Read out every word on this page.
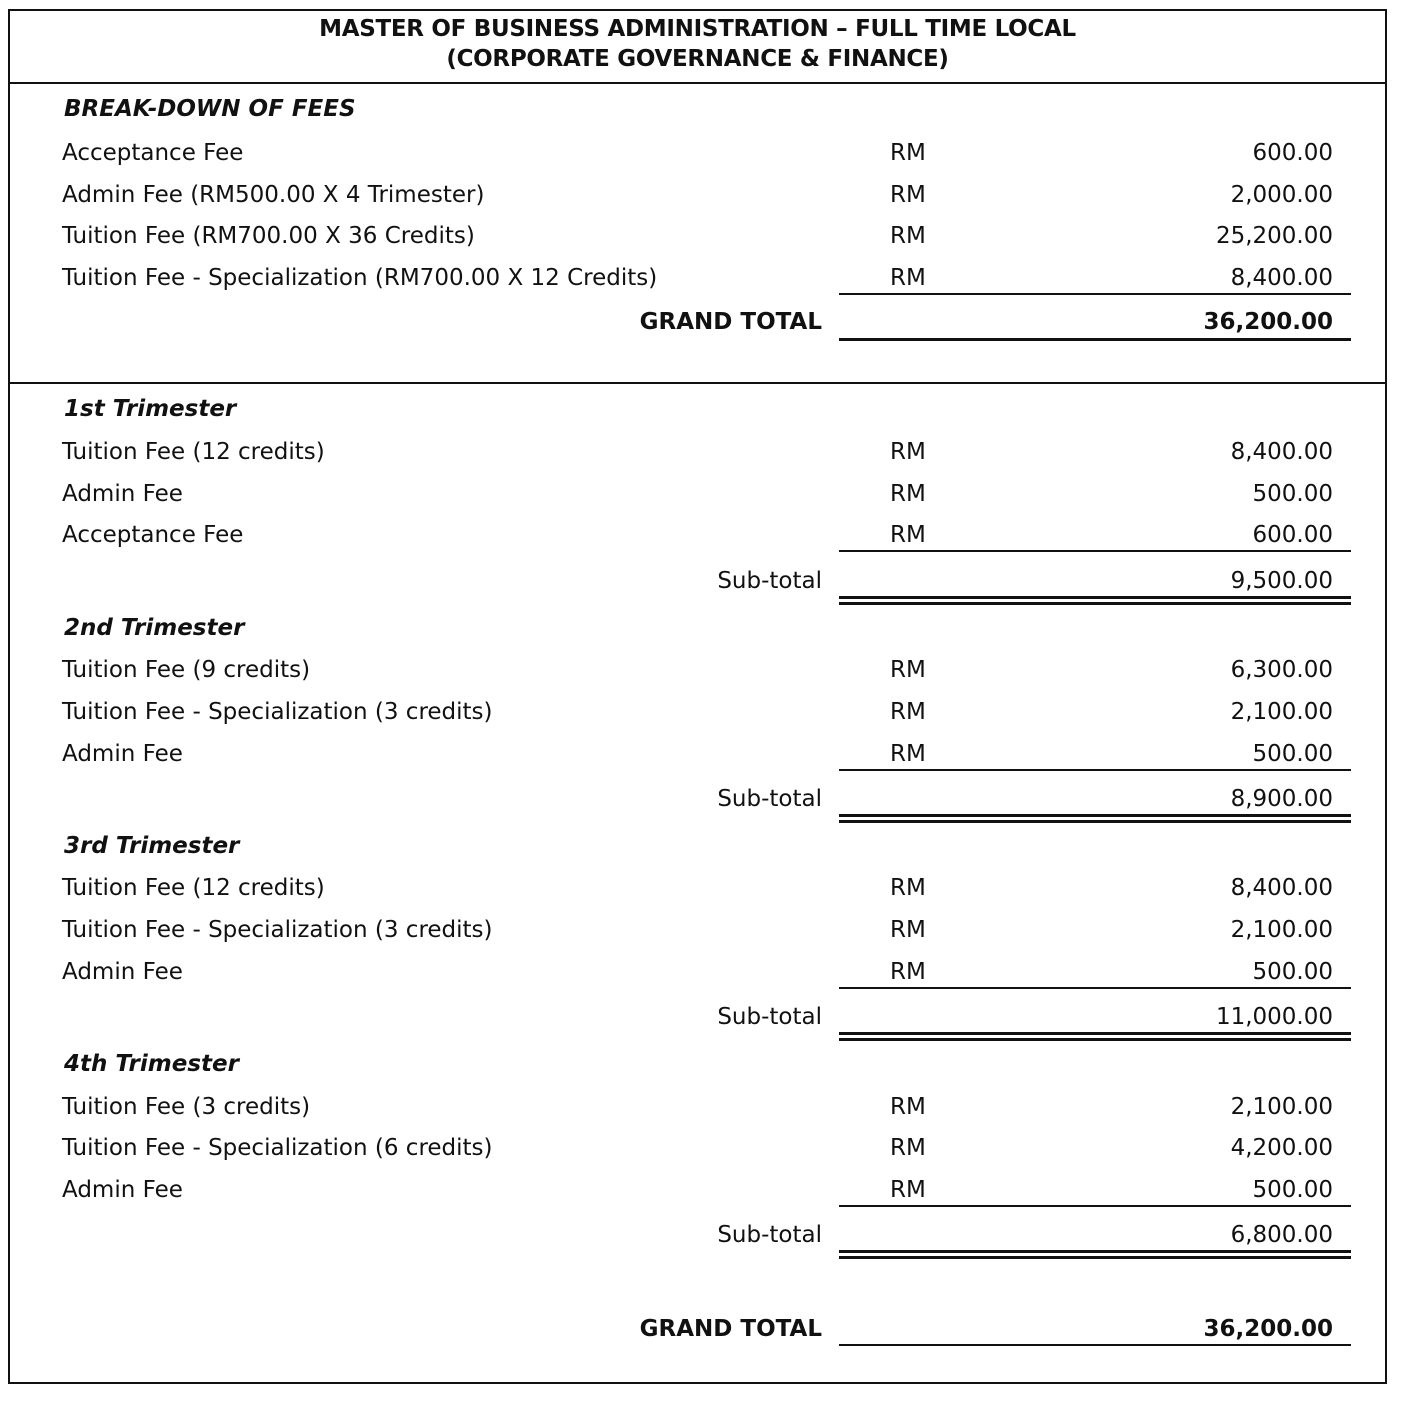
MASTER OF BUSINESS ADMINISTRATION – FULL TIME LOCAL
(CORPORATE GOVERNANCE & FINANCE)
BREAK-DOWN OF FEES
Acceptance Fee	RM	600.00
Admin Fee (RM500.00 X 4 Trimester)	RM	2,000.00
Tuition Fee (RM700.00 X 36 Credits)	RM	25,200.00
Tuition Fee - Specialization (RM700.00 X 12 Credits)	RM	8,400.00
GRAND TOTAL	36,200.00
1st Trimester
Tuition Fee (12 credits)	RM	8,400.00
Admin Fee	RM	500.00
Acceptance Fee	RM	600.00
Sub-total	9,500.00
2nd Trimester
Tuition Fee (9 credits)	RM	6,300.00
Tuition Fee - Specialization (3 credits)	RM	2,100.00
Admin Fee	RM	500.00
Sub-total	8,900.00
3rd Trimester
Tuition Fee (12 credits)	RM	8,400.00
Tuition Fee - Specialization (3 credits)	RM	2,100.00
Admin Fee	RM	500.00
Sub-total	11,000.00
4th Trimester
Tuition Fee (3 credits)	RM	2,100.00
Tuition Fee - Specialization (6 credits)	RM	4,200.00
Admin Fee	RM	500.00
Sub-total	6,800.00
GRAND TOTAL	36,200.00
